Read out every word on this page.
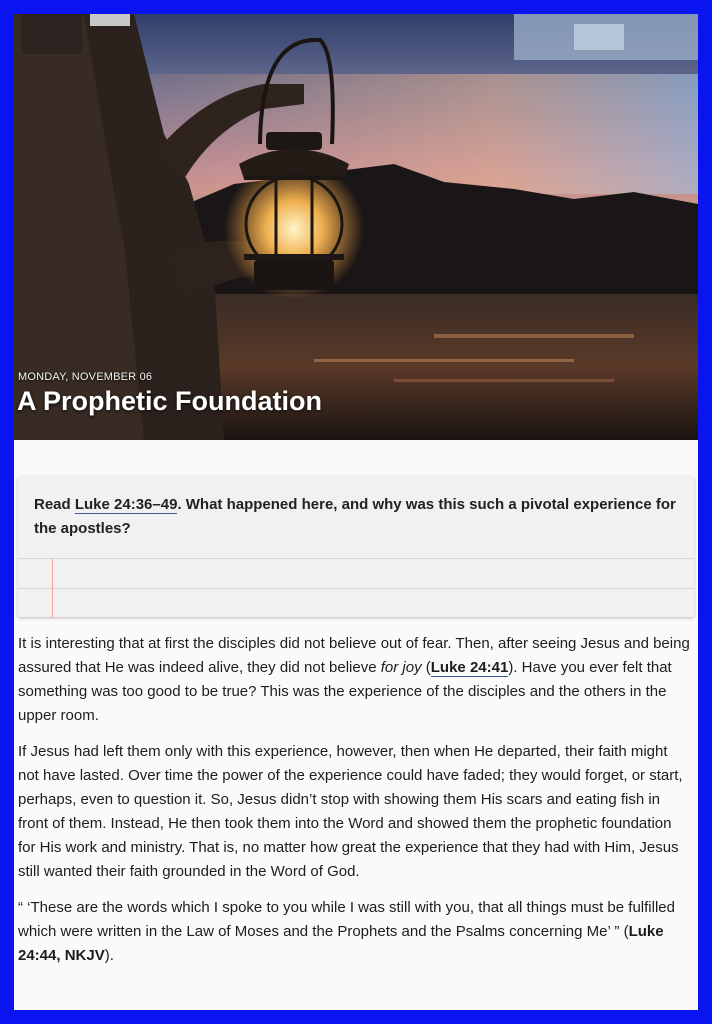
MONDAY, NOVEMBER 06
A Prophetic Foundation
Read Luke 24:36–49. What happened here, and why was this such a pivotal experience for the apostles?

It is interesting that at first the disciples did not believe out of fear. Then, after seeing Jesus and being assured that He was indeed alive, they did not believe for joy (Luke 24:41). Have you ever felt that something was too good to be true? This was the experience of the disciples and the others in the upper room.

If Jesus had left them only with this experience, however, then when He departed, their faith might not have lasted. Over time the power of the experience could have faded; they would forget, or start, perhaps, even to question it. So, Jesus didn’t stop with showing them His scars and eating fish in front of them. Instead, He then took them into the Word and showed them the prophetic foundation for His work and ministry. That is, no matter how great the experience that they had with Him, Jesus still wanted their faith grounded in the Word of God.

“ ‘These are the words which I spoke to you while I was still with you, that all things must be fulfilled which were written in the Law of Moses and the Prophets and the Psalms concerning Me’ ” (Luke 24:44, NKJV).
